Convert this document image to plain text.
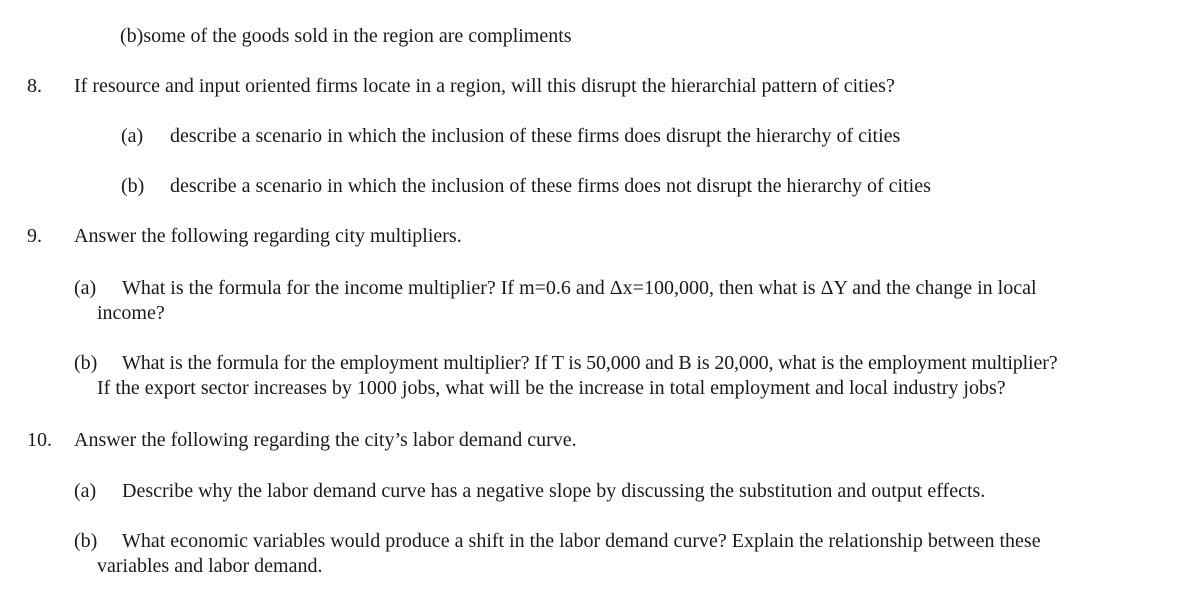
(b)some of the goods sold in the region are compliments
8. If resource and input oriented firms locate in a region, will this disrupt the hierarchial pattern of cities?
(a) describe a scenario in which the inclusion of these firms does disrupt the hierarchy of cities
(b) describe a scenario in which the inclusion of these firms does not disrupt the hierarchy of cities
9. Answer the following regarding city multipliers.
(a) What is the formula for the income multiplier? If m=0.6 and Δx=100,000, then what is ΔY and the change in local
income?
(b) What is the formula for the employment multiplier? If T is 50,000 and B is 20,000, what is the employment multiplier?
If the export sector increases by 1000 jobs, what will be the increase in total employment and local industry jobs?
10. Answer the following regarding the city’s labor demand curve.
(a) Describe why the labor demand curve has a negative slope by discussing the substitution and output effects.
(b) What economic variables would produce a shift in the labor demand curve? Explain the relationship between these
variables and labor demand.
